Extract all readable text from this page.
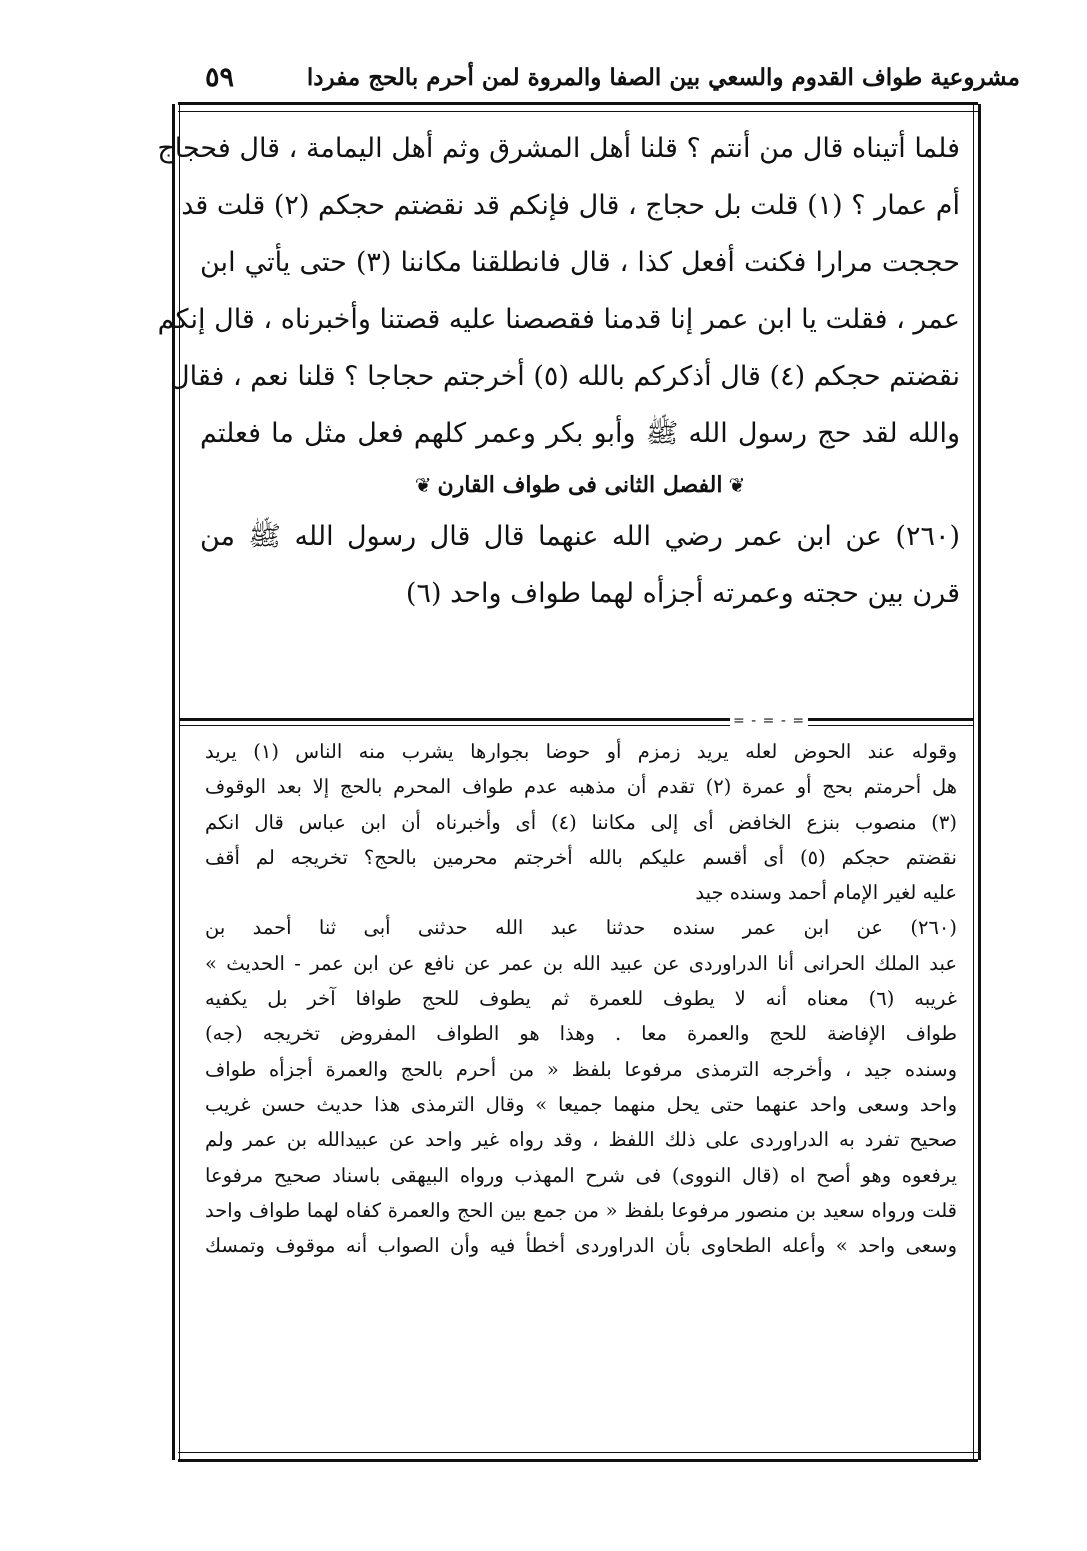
مشروعية طواف القدوم والسعي بين الصفا والمروة لمن أحرم بالحج مفردا
٥٩
فلما أتيناه قال من أنتم ؟ قلنا أهل المشرق وثم أهل اليمامة ، قال فحجاج
أم عمار ؟ (١) قلت بل حجاج ، قال فإنكم قد نقضتم حجكم (٢) قلت قد
حججت مرارا فكنت أفعل كذا ، قال فانطلقنا مكاننا (٣) حتى يأتي ابن
عمر ، فقلت يا ابن عمر إنا قدمنا فقصصنا عليه قصتنا وأخبرناه ، قال إنكم
نقضتم حجكم (٤) قال أذكركم بالله (٥) أخرجتم حجاجا ؟ قلنا نعم ، فقال
والله لقد حج رسول الله ﷺ وأبو بكر وعمر كلهم فعل مثل ما فعلتم
❦الفصل الثانى فى طواف القارن❦
(٢٦٠) عن ابن عمر رضي الله عنهما قال قال رسول الله ﷺ من
قرن بين حجته وعمرته أجزأه لهما طواف واحد (٦)
= - = - =
وقوله عند الحوض لعله يريد زمزم أو حوضا بجوارها يشرب منه الناس (١) يريد
هل أحرمتم بحج أو عمرة (٢) تقدم أن مذهبه عدم طواف المحرم بالحج إلا بعد الوقوف
(٣) منصوب بنزع الخافض أى إلى مكاننا (٤) أى وأخبرناه أن ابن عباس قال انكم
نقضتم حجكم (٥) أى أقسم عليكم بالله أخرجتم محرمين بالحج؟ تخريجه لم أقف
عليه لغير الإمام أحمد وسنده جيد
(٢٦٠) عن ابن عمر سنده حدثنا عبد الله حدثنى أبى ثنا أحمد بن
عبد الملك الحرانى أنا الدراوردى عن عبيد الله بن عمر عن نافع عن ابن عمر - الحديث »
غريبه (٦) معناه أنه لا يطوف للعمرة ثم يطوف للحج طوافا آخر بل يكفيه
طواف الإفاضة للحج والعمرة معا . وهذا هو الطواف المفروض تخريجه (جه)
وسنده جيد ، وأخرجه الترمذى مرفوعا بلفظ « من أحرم بالحج والعمرة أجزأه طواف
واحد وسعى واحد عنهما حتى يحل منهما جميعا » وقال الترمذى هذا حديث حسن غريب
صحيح تفرد به الدراوردى على ذلك اللفظ ، وقد رواه غير واحد عن عبيدالله بن عمر ولم
يرفعوه وهو أصح اه (قال النووى) فى شرح المهذب ورواه البيهقى باسناد صحيح مرفوعا
قلت ورواه سعيد بن منصور مرفوعا بلفظ « من جمع بين الحج والعمرة كفاه لهما طواف واحد
وسعى واحد » وأعله الطحاوى بأن الدراوردى أخطأ فيه وأن الصواب أنه موقوف وتمسك
